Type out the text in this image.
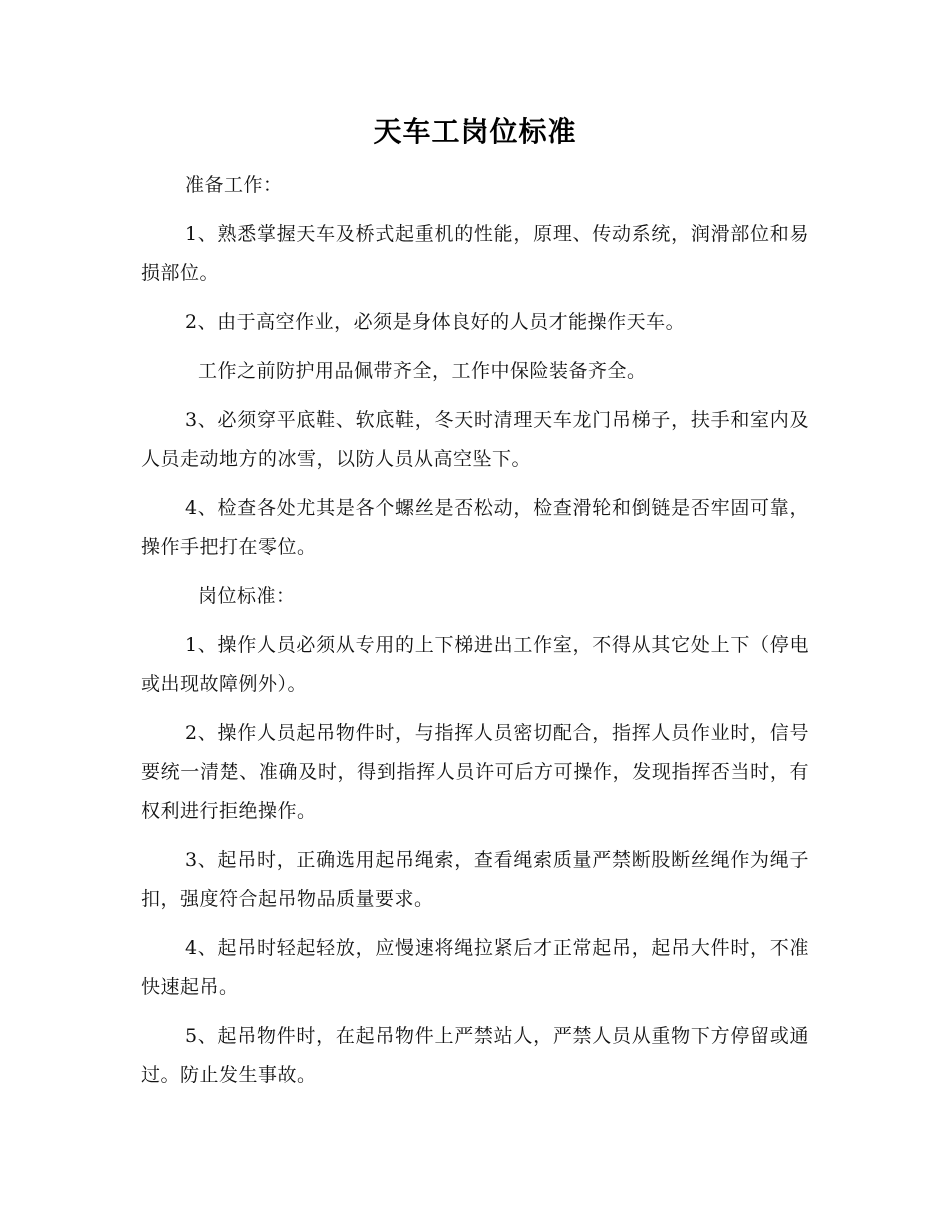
天车工岗位标准

准备工作：

1、熟悉掌握天车及桥式起重机的性能，原理、传动系统，润滑部位和易损部位。

2、由于高空作业，必须是身体良好的人员才能操作天车。

工作之前防护用品佩带齐全，工作中保险装备齐全。

3、必须穿平底鞋、软底鞋，冬天时清理天车龙门吊梯子，扶手和室内及人员走动地方的冰雪，以防人员从高空坠下。

4、检查各处尤其是各个螺丝是否松动，检查滑轮和倒链是否牢固可靠，操作手把打在零位。

岗位标准：

1、操作人员必须从专用的上下梯进出工作室，不得从其它处上下（停电或出现故障例外）。

2、操作人员起吊物件时，与指挥人员密切配合，指挥人员作业时，信号要统一清楚、准确及时，得到指挥人员许可后方可操作，发现指挥否当时，有权利进行拒绝操作。

3、起吊时，正确选用起吊绳索，查看绳索质量严禁断股断丝绳作为绳子扣，强度符合起吊物品质量要求。

4、起吊时轻起轻放，应慢速将绳拉紧后才正常起吊，起吊大件时，不准快速起吊。

5、起吊物件时，在起吊物件上严禁站人，严禁人员从重物下方停留或通过。防止发生事故。
